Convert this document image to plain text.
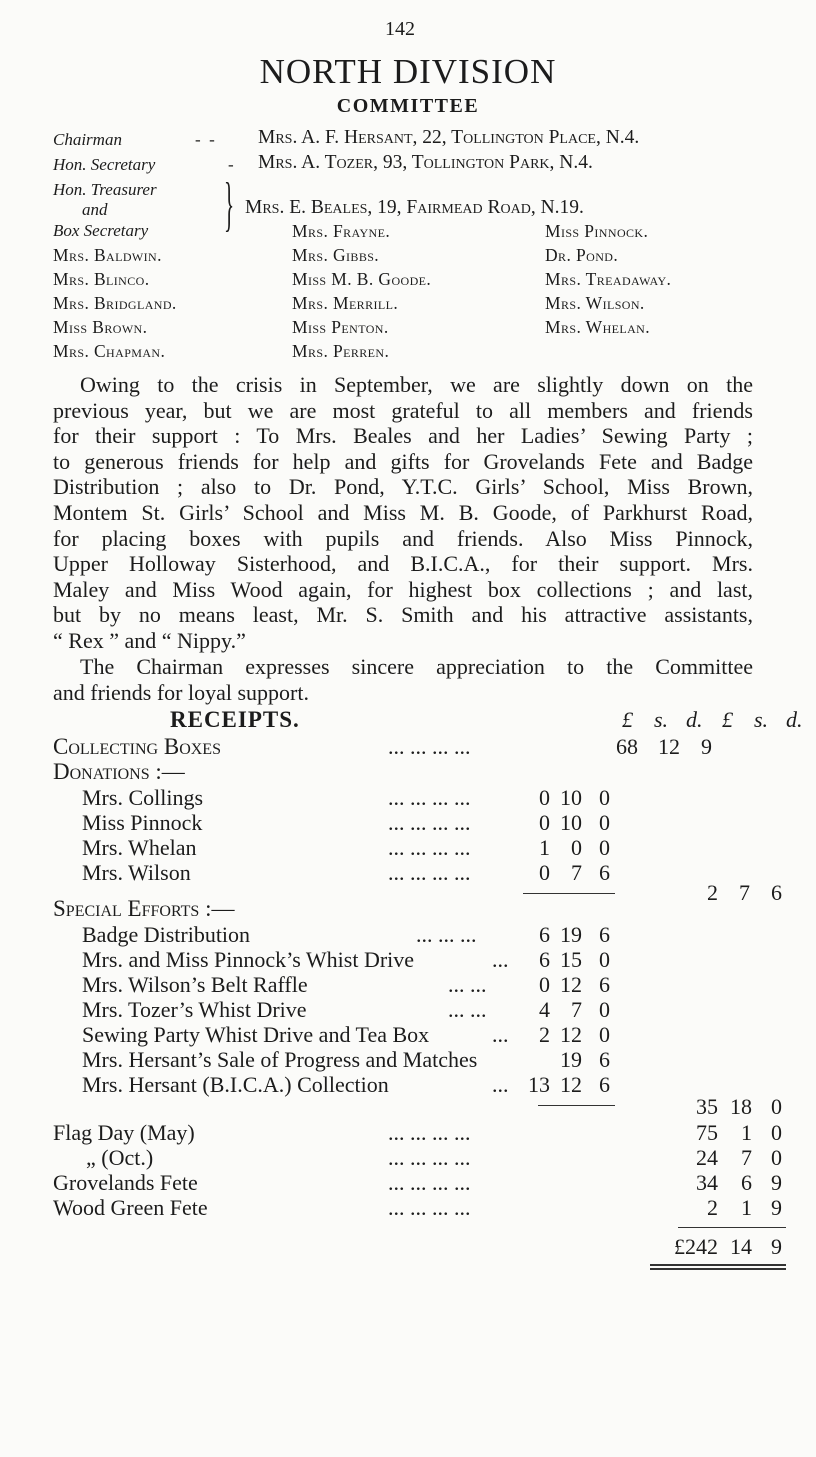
142
NORTH DIVISION
COMMITTEE
Chairman	-  - Mrs. A. F. Hersant, 22, Tollington Place, N.4.
Hon. Secretary	- Mrs. A. Tozer, 93, Tollington Park, N.4.
Hon. Treasurer
and
Box Secretary } Mrs. E. Beales, 19, Fairmead Road, N.19.
Mrs. Baldwin.
Mrs. Blinco.
Mrs. Bridgland.
Miss Brown.
Mrs. Chapman.
Mrs. Frayne.
Mrs. Gibbs.
Miss M. B. Goode.
Mrs. Merrill.
Miss Penton.
Mrs. Perren.
Miss Pinnock.
Dr. Pond.
Mrs. Treadaway.
Mrs. Wilson.
Mrs. Whelan.
Owing to the crisis in September, we are slightly down on the
previous year, but we are most grateful to all members and friends
for their support : To Mrs. Beales and her Ladies’ Sewing Party ;
to generous friends for help and gifts for Grovelands Fete and Badge
Distribution ; also to Dr. Pond, Y.T.C. Girls’ School, Miss Brown,
Montem St. Girls’ School and Miss M. B. Goode, of Parkhurst Road,
for placing boxes with pupils and friends. Also Miss Pinnock,
Upper Holloway Sisterhood, and B.I.C.A., for their support. Mrs.
Maley and Miss Wood again, for highest box collections ; and last,
but by no means least, Mr. S. Smith and his attractive assistants,
“ Rex ” and “ Nippy.”
The Chairman expresses sincere appreciation to the Committee
and friends for loyal support.
RECEIPTS.	£ s. d. £ s. d.
Collecting Boxes	... ... ... ...	68 12 9
Donations :—
Mrs. Collings	... ... ... ...	0 10 0
Miss Pinnock	... ... ... ...	0 10 0
Mrs. Whelan	... ... ... ...	1 0 0
Mrs. Wilson	... ... ... ...	0 7 6
2 7 6
Special Efforts :—
Badge Distribution	... ... ...	6 19 6
Mrs. and Miss Pinnock’s Whist Drive	...	6 15 0
Mrs. Wilson’s Belt Raffle	... ...	0 12 6
Mrs. Tozer’s Whist Drive	... ...	4 7 0
Sewing Party Whist Drive and Tea Box	...	2 12 0
Mrs. Hersant’s Sale of Progress and Matches	19 6
Mrs. Hersant (B.I.C.A.) Collection	... 13 12 6
35 18 0
Flag Day (May)	... ... ... ...	75	1 0
„ (Oct.)	... ... ... ...	24	7 0
Grovelands Fete	... ... ... ...	34	6 9
Wood Green Fete	... ... ... ...	2	1 9
£242 14 9
